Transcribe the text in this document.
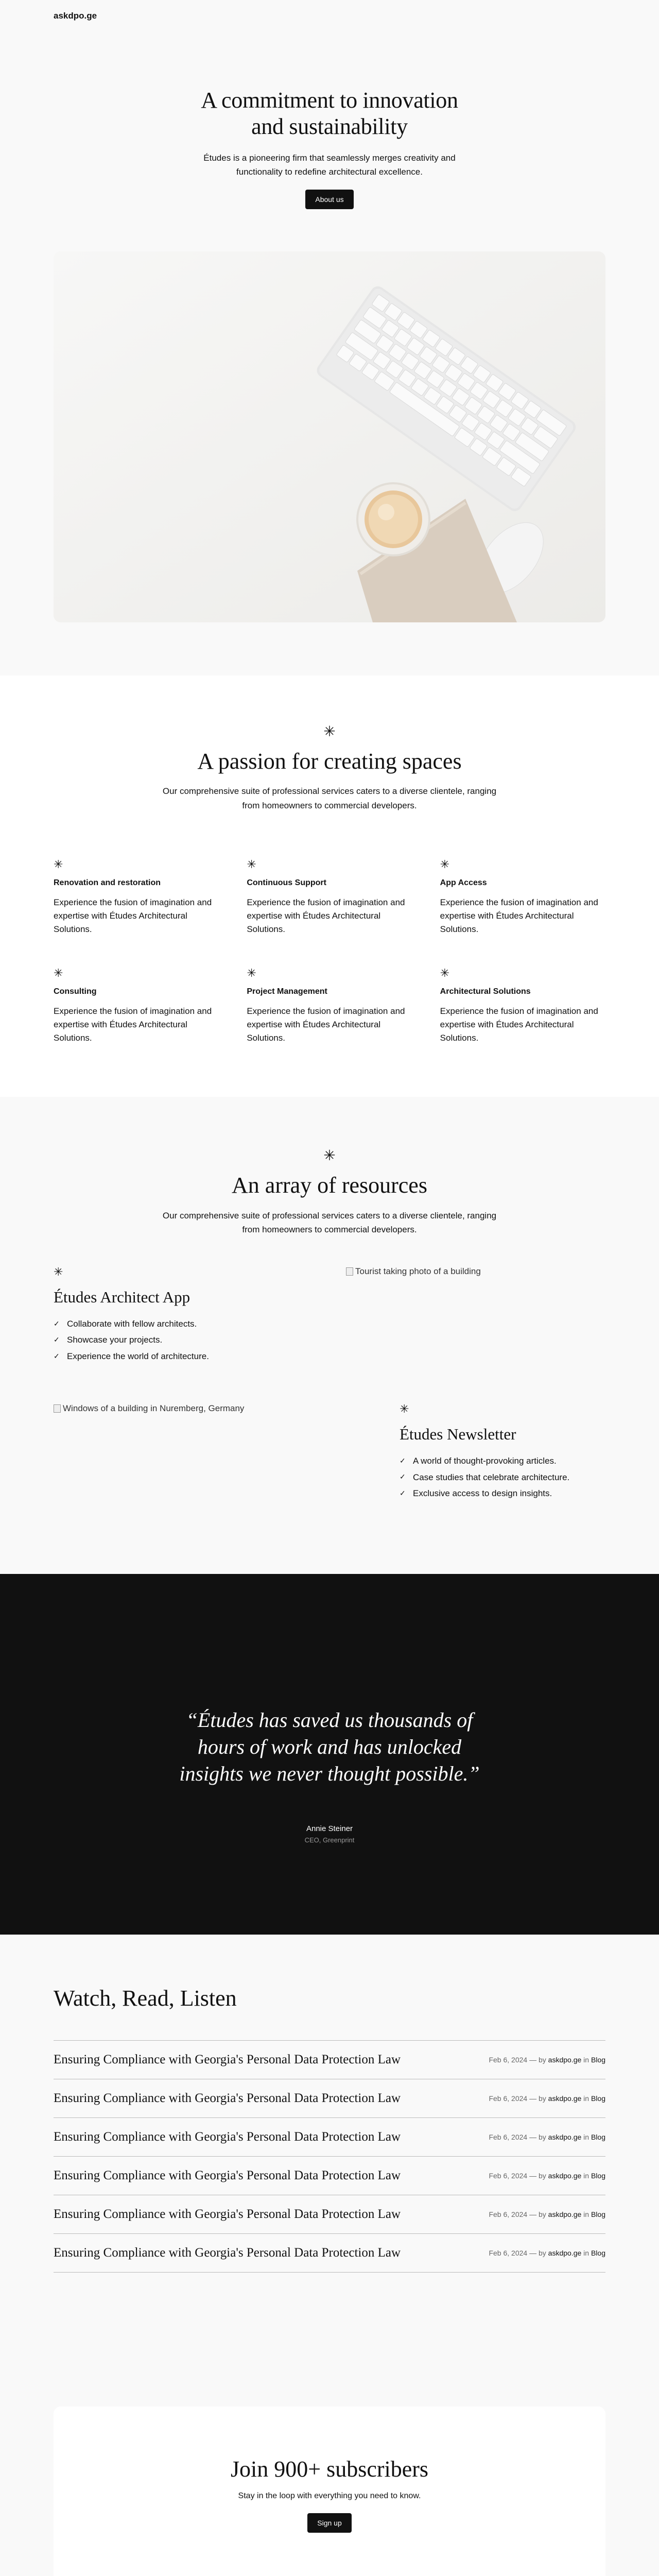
askdpo.ge
A commitment to innovation
and sustainability

Études is a pioneering firm that seamlessly merges creativity and functionality to redefine architectural excellence.

About us
✳
A passion for creating spaces

Our comprehensive suite of professional services caters to a diverse clientele, ranging from homeowners to commercial developers.

✳
Renovation and restoration

Experience the fusion of imagination and expertise with Études Architectural Solutions.

✳
Continuous Support

Experience the fusion of imagination and expertise with Études Architectural Solutions.

✳
App Access

Experience the fusion of imagination and expertise with Études Architectural Solutions.

✳
Consulting

Experience the fusion of imagination and expertise with Études Architectural Solutions.

✳
Project Management

Experience the fusion of imagination and expertise with Études Architectural Solutions.

✳
Architectural Solutions

Experience the fusion of imagination and expertise with Études Architectural Solutions.

✳
An array of resources

Our comprehensive suite of professional services caters to a diverse clientele, ranging from homeowners to commercial developers.

✳
Études Architect App
✓ Collaborate with fellow architects.
✓ Showcase your projects.
✓ Experience the world of architecture.
Tourist taking photo of a building
Windows of a building in Nuremberg, Germany	✳
Études Newsletter
✓ A world of thought-provoking articles.
✓ Case studies that celebrate architecture.
✓ Exclusive access to design insights.
“Études has saved us thousands of hours of work and has unlocked insights we never thought possible.”
Annie Steiner
CEO, Greenprint
Watch, Read, Listen
Ensuring Compliance with Georgia's Personal Data Protection Law	Feb 6, 2024 — by askdpo.ge in Blog
Ensuring Compliance with Georgia's Personal Data Protection Law	Feb 6, 2024 — by askdpo.ge in Blog
Ensuring Compliance with Georgia's Personal Data Protection Law	Feb 6, 2024 — by askdpo.ge in Blog
Ensuring Compliance with Georgia's Personal Data Protection Law	Feb 6, 2024 — by askdpo.ge in Blog
Ensuring Compliance with Georgia's Personal Data Protection Law	Feb 6, 2024 — by askdpo.ge in Blog
Ensuring Compliance with Georgia's Personal Data Protection Law	Feb 6, 2024 — by askdpo.ge in Blog
Join 900+ subscribers

Stay in the loop with everything you need to know.

Sign up
